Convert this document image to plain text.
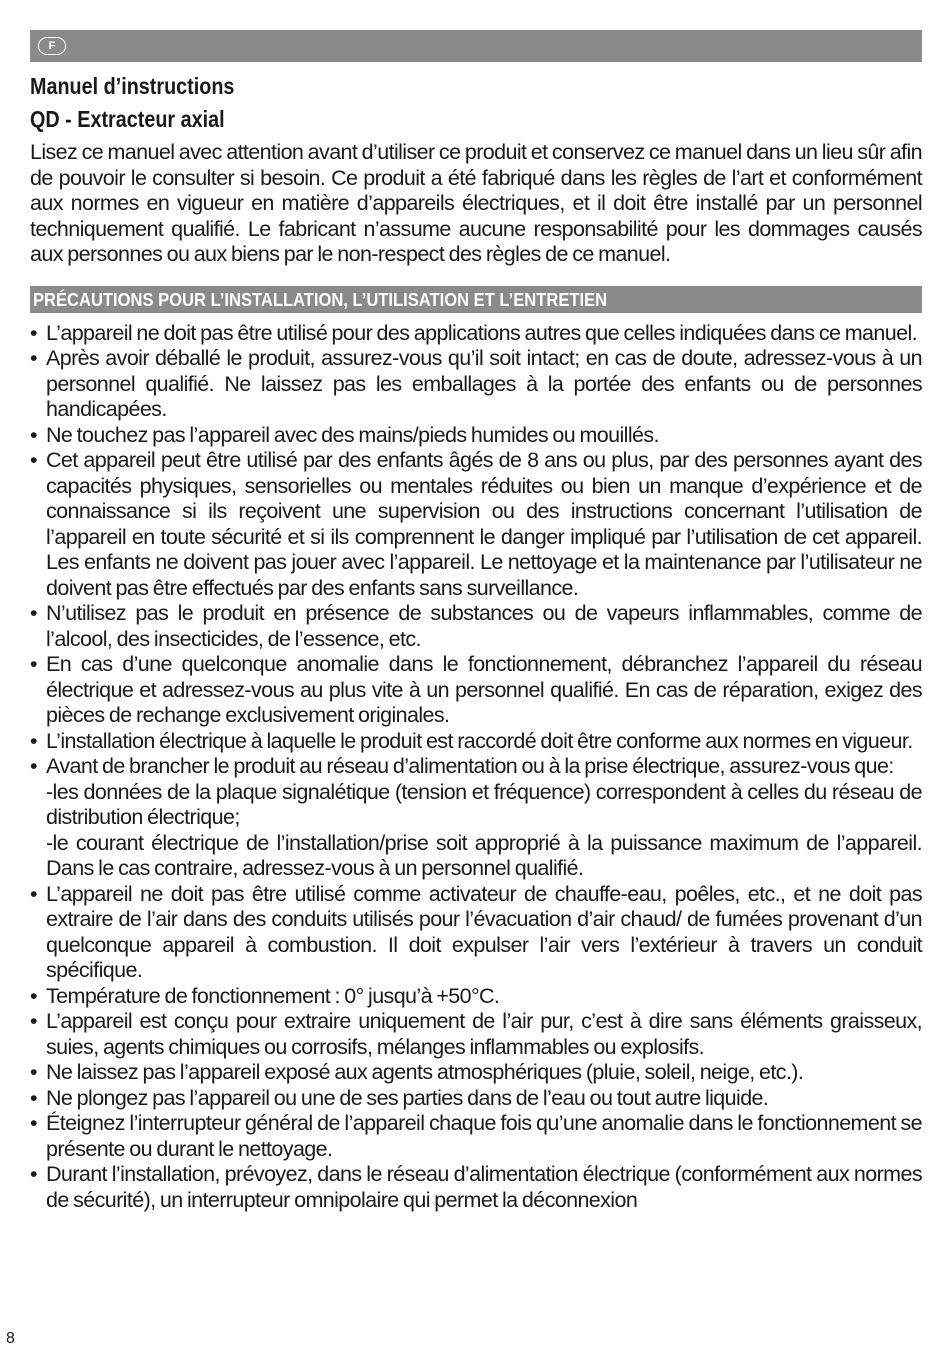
F
Manuel d’instructions
QD - Extracteur axial

Lisez ce manuel avec attention avant d’utiliser ce produit et conservez ce manuel dans un lieu sûr afin de pouvoir le consulter si besoin. Ce produit a été fabriqué dans les règles de l’art et conformément aux normes en vigueur en matière d’appareils électriques, et il doit être installé par un personnel techniquement qualifié. Le fabricant n’assume aucune responsabilité pour les dommages causés aux personnes ou aux biens par le non-respect des règles de ce manuel.

PRÉCAUTIONS POUR L’INSTALLATION, L’UTILISATION ET L’ENTRETIEN
• L’appareil ne doit pas être utilisé pour des applications autres que celles indiquées dans ce manuel.
• Après avoir déballé le produit, assurez-vous qu’il soit intact; en cas de doute, adressez-vous à un personnel qualifié. Ne laissez pas les emballages à la portée des enfants ou de personnes handicapées.
• Ne touchez pas l’appareil avec des mains/pieds humides ou mouillés.
• Cet appareil peut être utilisé par des enfants âgés de 8 ans ou plus, par des personnes ayant des capacités physiques, sensorielles ou mentales réduites ou bien un manque d’expérience et de connaissance si ils reçoivent une supervision ou des instructions concernant l’utilisation de l’appareil en toute sécurité et si ils comprennent le danger impliqué par l’utilisation de cet appareil. Les enfants ne doivent pas jouer avec l’appareil. Le nettoyage et la maintenance par l’utilisateur ne doivent pas être effectués par des enfants sans surveillance.
• N’utilisez pas le produit en présence de substances ou de vapeurs inflammables, comme de l’alcool, des insecticides, de l’essence, etc.
• En cas d’une quelconque anomalie dans le fonctionnement, débranchez l’appareil du réseau électrique et adressez-vous au plus vite à un personnel qualifié. En cas de réparation, exigez des pièces de rechange exclusivement originales.
• L’installation électrique à laquelle le produit est raccordé doit être conforme aux normes en vigueur.
• Avant de brancher le produit au réseau d’alimentation ou à la prise électrique, assurez-vous que:
-les données de la plaque signalétique (tension et fréquence) correspondent à celles du réseau de distribution électrique;
-le courant électrique de l’installation/prise soit approprié à la puissance maximum de l’appareil. Dans le cas contraire, adressez-vous à un personnel qualifié.
• L’appareil ne doit pas être utilisé comme activateur de chauffe-eau, poêles, etc., et ne doit pas extraire de l’air dans des conduits utilisés pour l’évacuation d’air chaud/ de fumées provenant d’un quelconque appareil à combustion. Il doit expulser l’air vers l’extérieur à travers un conduit spécifique.
• Température de fonctionnement : 0° jusqu’à +50°C.
• L’appareil est conçu pour extraire uniquement de l’air pur, c’est à dire sans éléments graisseux, suies, agents chimiques ou corrosifs, mélanges inflammables ou explosifs.
• Ne laissez pas l’appareil exposé aux agents atmosphériques (pluie, soleil, neige, etc.).
• Ne plongez pas l’appareil ou une de ses parties dans de l’eau ou tout autre liquide.
• Éteignez l’interrupteur général de l’appareil chaque fois qu’une anomalie dans le fonctionnement se présente ou durant le nettoyage.
• Durant l’installation, prévoyez, dans le réseau d’alimentation électrique (conformément aux normes de sécurité), un interrupteur omnipolaire qui permet la déconnexion
8
